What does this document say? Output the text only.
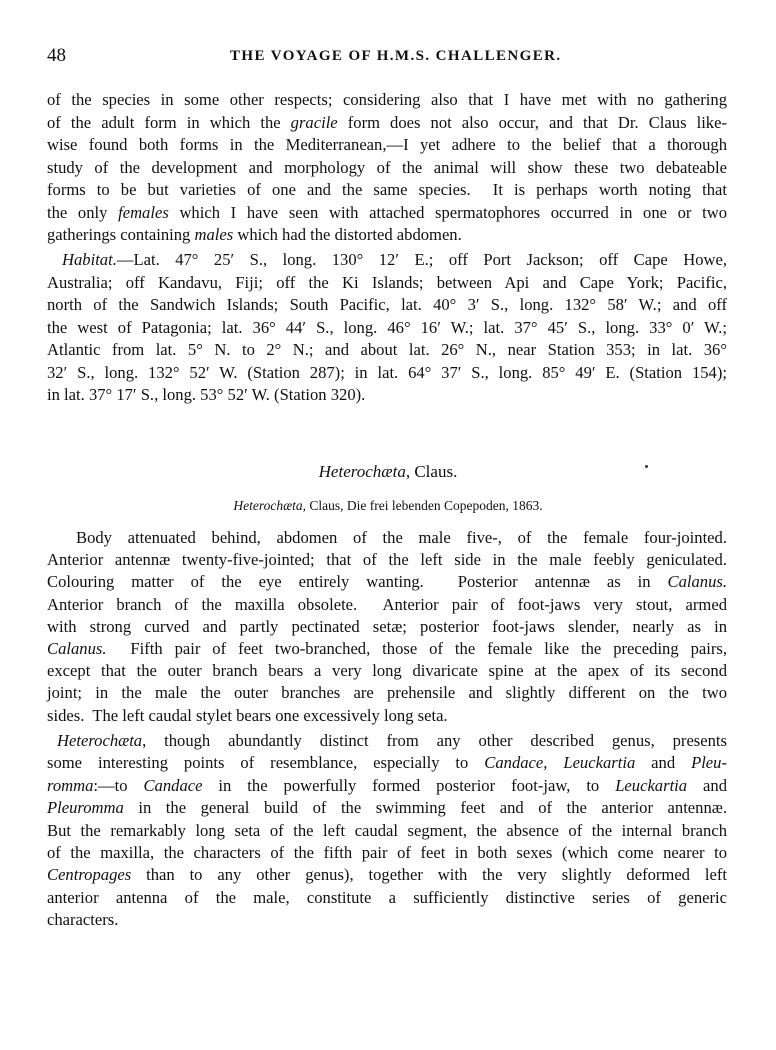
48	THE VOYAGE OF H.M.S. CHALLENGER.
of the species in some other respects; considering also that I have met with no gathering
of the adult form in which the gracile form does not also occur, and that Dr. Claus like-
wise found both forms in the Mediterranean,—I yet adhere to the belief that a thorough
study of the development and morphology of the animal will show these two debateable
forms to be but varieties of one and the same species.  It is perhaps worth noting that
the only females which I have seen with attached spermatophores occurred in one or two
gatherings containing males which had the distorted abdomen.
Habitat.—Lat. 47° 25′ S., long. 130° 12′ E.; off Port Jackson; off Cape Howe,
Australia; off Kandavu, Fiji; off the Ki Islands; between Api and Cape York; Pacific,
north of the Sandwich Islands; South Pacific, lat. 40° 3′ S., long. 132° 58′ W.; and off
the west of Patagonia; lat. 36° 44′ S., long. 46° 16′ W.; lat. 37° 45′ S., long. 33° 0′ W.;
Atlantic from lat. 5° N. to 2° N.; and about lat. 26° N., near Station 353; in lat. 36°
32′ S., long. 132° 52′ W. (Station 287); in lat. 64° 37′ S., long. 85° 49′ E. (Station 154);
in lat. 37° 17′ S., long. 53° 52′ W. (Station 320).
Heterochæta, Claus.
Heterochæta, Claus, Die frei lebenden Copepoden, 1863.
Body attenuated behind, abdomen of the male five-, of the female four-jointed.
Anterior antennæ twenty-five-jointed; that of the left side in the male feebly geniculated.
Colouring matter of the eye entirely wanting.  Posterior antennæ as in Calanus.
Anterior branch of the maxilla obsolete.  Anterior pair of foot-jaws very stout, armed
with strong curved and partly pectinated setæ; posterior foot-jaws slender, nearly as in
Calanus.  Fifth pair of feet two-branched, those of the female like the preceding pairs,
except that the outer branch bears a very long divaricate spine at the apex of its second
joint; in the male the outer branches are prehensile and slightly different on the two
sides.  The left caudal stylet bears one excessively long seta.
Heterochæta, though abundantly distinct from any other described genus, presents
some interesting points of resemblance, especially to Candace, Leuckartia and Pleu-
romma:—to Candace in the powerfully formed posterior foot-jaw, to Leuckartia and
Pleuromma in the general build of the swimming feet and of the anterior antennæ.
But the remarkably long seta of the left caudal segment, the absence of the internal branch
of the maxilla, the characters of the fifth pair of feet in both sexes (which come nearer to
Centropages than to any other genus), together with the very slightly deformed left
anterior antenna of the male, constitute a sufficiently distinctive series of generic
characters.
